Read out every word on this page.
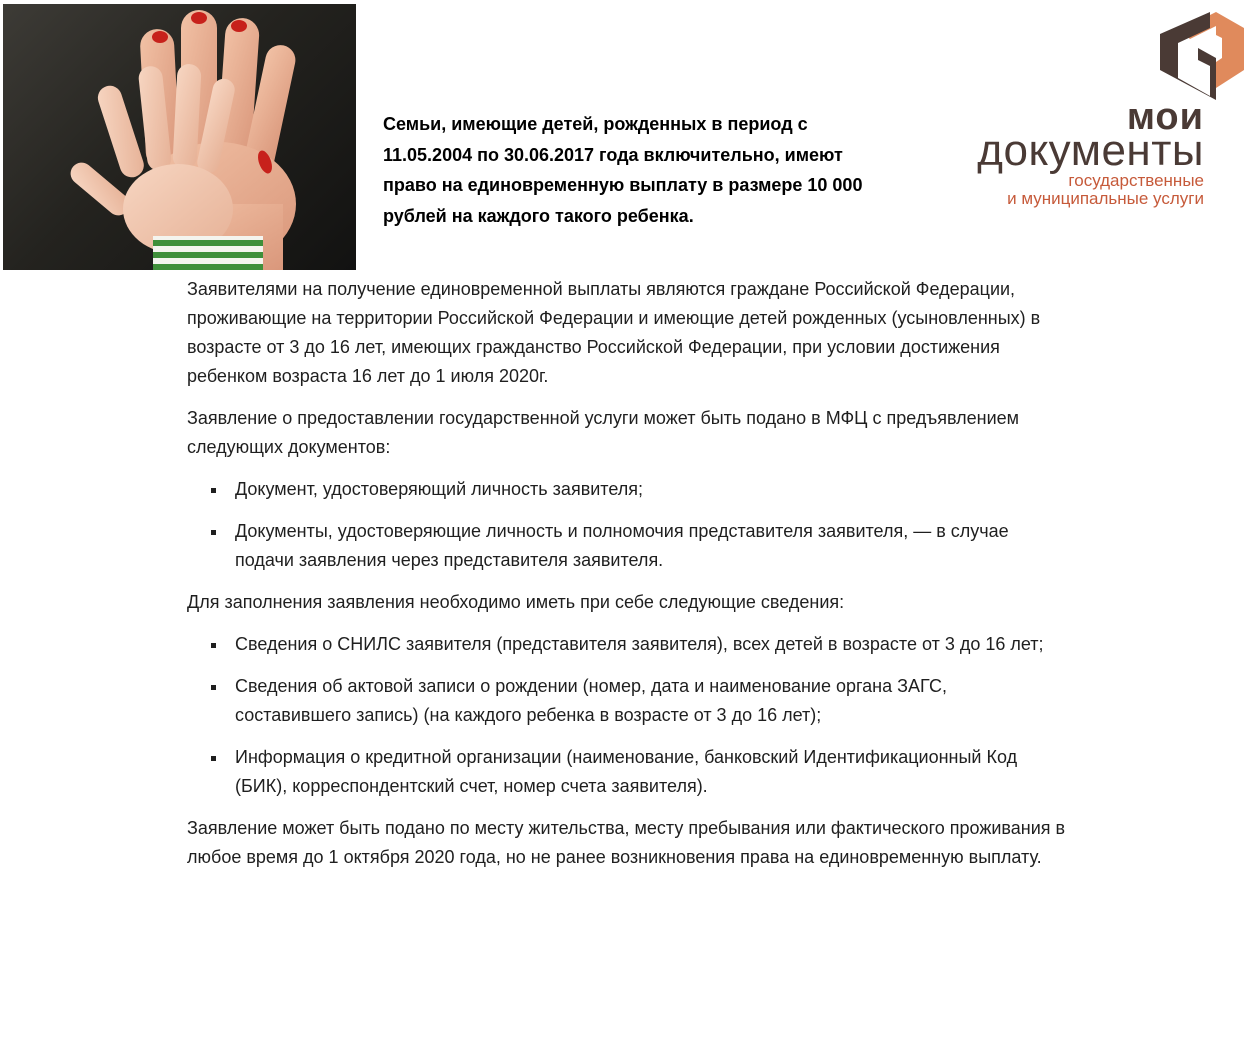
Семьи, имеющие детей, рожденных в период с 11.05.2004 по 30.06.2017 года включительно, имеют право на единовременную выплату в размере 10 000 рублей на каждого такого ребенка.

мои
документы
государственные
и муниципальные услуги

Заявителями на получение единовременной выплаты являются граждане Российской Федерации, проживающие на территории Российской Федерации и имеющие детей рожденных (усыновленных) в возрасте от 3 до 16 лет, имеющих гражданство Российской Федерации, при условии достижения ребенком возраста 16 лет до 1 июля 2020г.

Заявление о предоставлении государственной услуги может быть подано в МФЦ с предъявлением следующих документов:

Документ, удостоверяющий личность заявителя;
Документы, удостоверяющие личность и полномочия представителя заявителя, — в случае подачи заявления через представителя заявителя.

Для заполнения заявления необходимо иметь при себе следующие сведения:

Сведения о СНИЛС заявителя (представителя заявителя), всех детей в возрасте от 3 до 16 лет;
Сведения об актовой записи о рождении (номер, дата и наименование органа ЗАГС, составившего запись) (на каждого ребенка в возрасте от 3 до 16 лет);
Информация о кредитной организации (наименование, банковский Идентификационный Код (БИК), корреспондентский счет, номер счета заявителя).

Заявление может быть подано по месту жительства, месту пребывания или фактического проживания в любое время до 1 октября 2020 года, но не ранее возникновения права на единовременную выплату.
